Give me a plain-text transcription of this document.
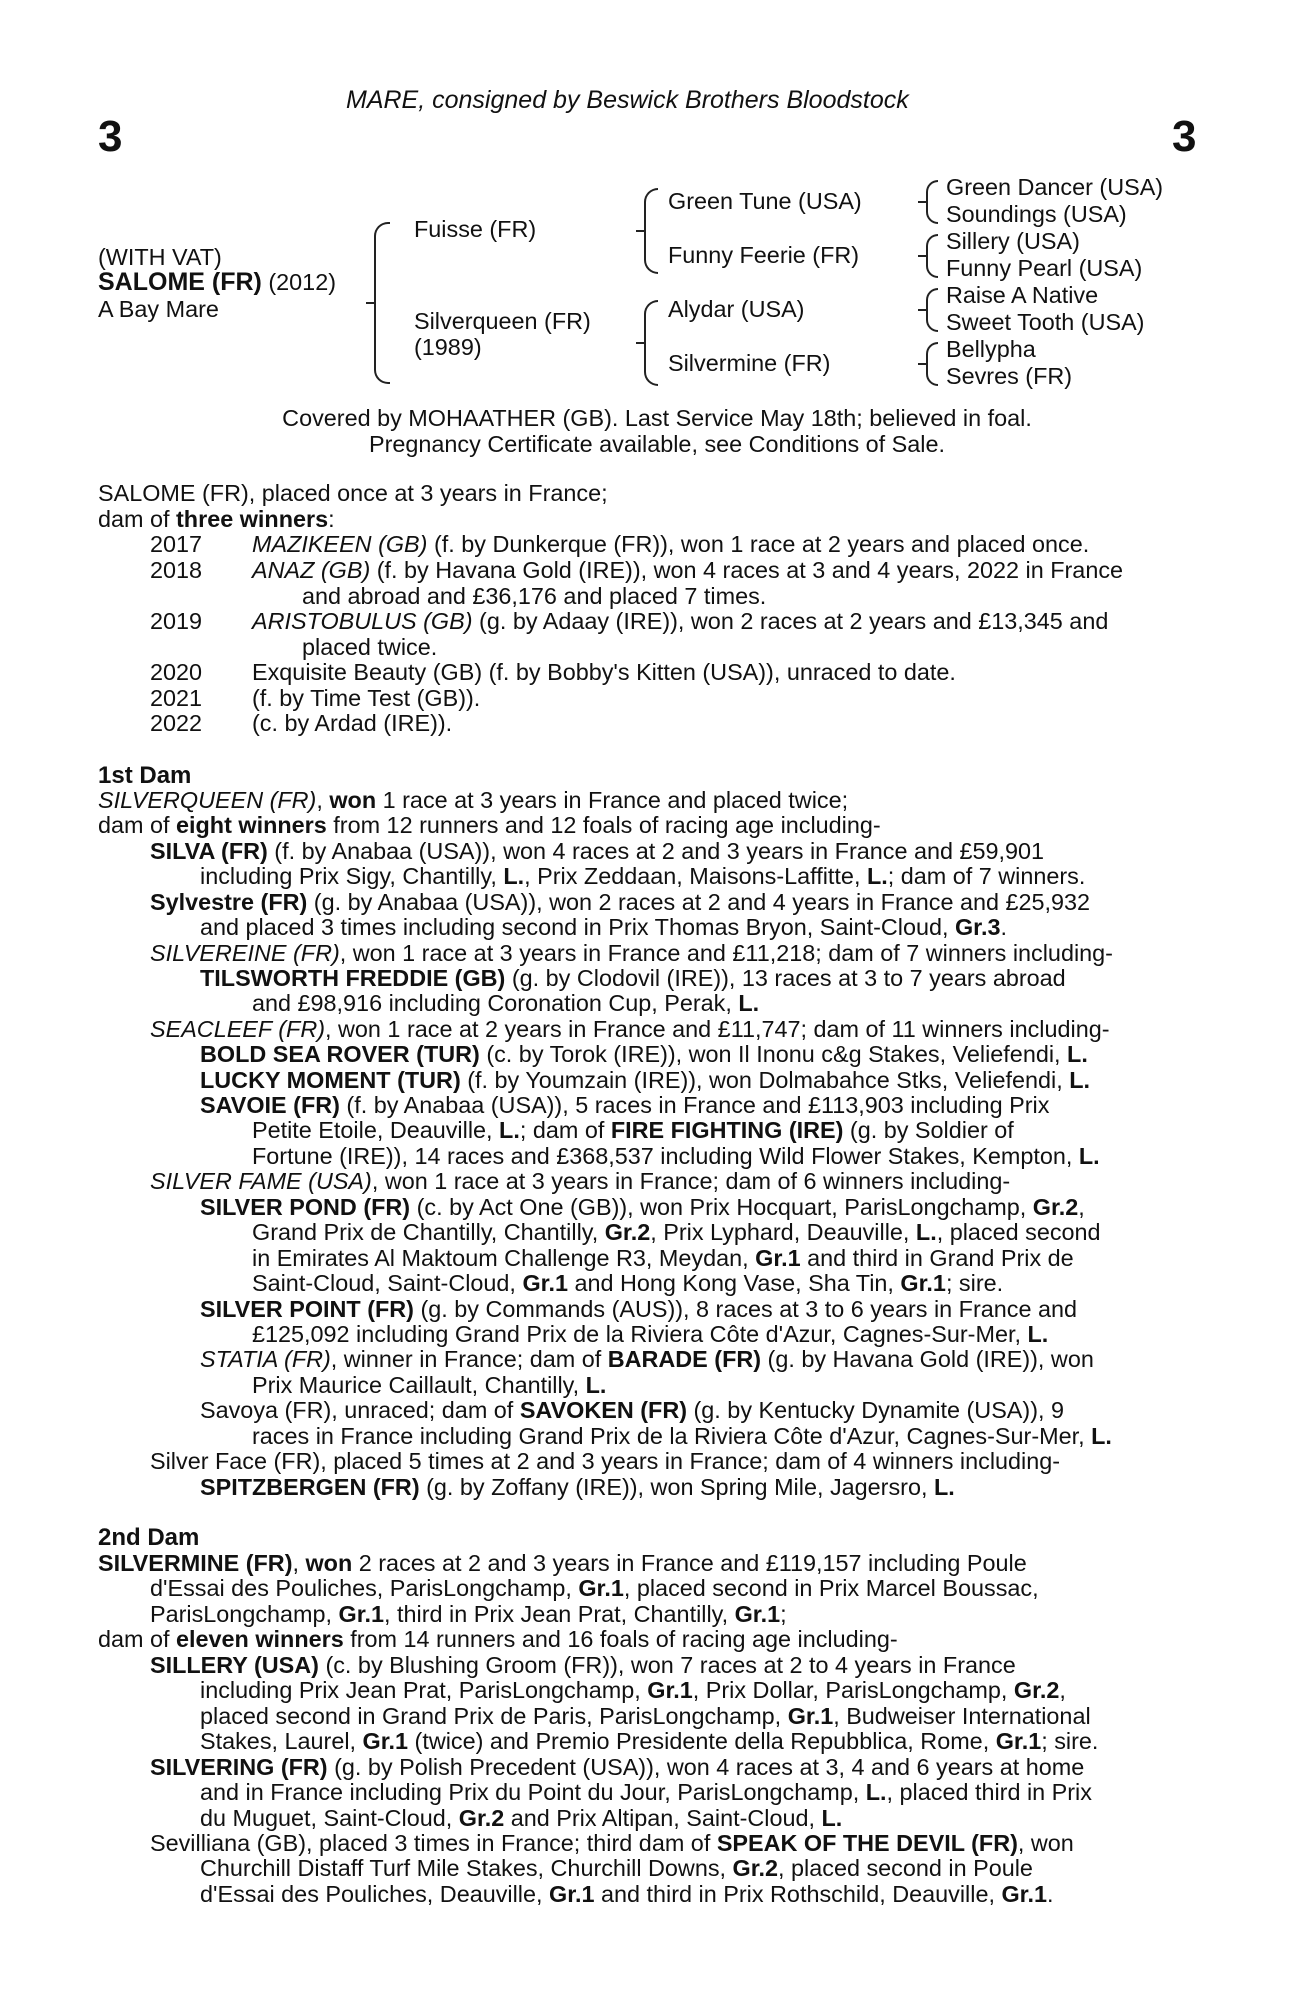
MARE, consigned by Beswick Brothers Bloodstock
3	3
(WITH VAT)
SALOME (FR) (2012)
A Bay Mare
Fuisse (FR)
Silverqueen (FR)
(1989)
Green Tune (USA)
Funny Feerie (FR)
Alydar (USA)
Silvermine (FR)
Green Dancer (USA)
Soundings (USA)
Sillery (USA)
Funny Pearl (USA)
Raise A Native
Sweet Tooth (USA)
Bellypha
Sevres (FR)
Covered by MOHAATHER (GB). Last Service May 18th; believed in foal.
Pregnancy Certificate available, see Conditions of Sale.
SALOME (FR), placed once at 3 years in France;
dam of three winners:
2017 MAZIKEEN (GB) (f. by Dunkerque (FR)), won 1 race at 2 years and placed once.
2018 ANAZ (GB) (f. by Havana Gold (IRE)), won 4 races at 3 and 4 years, 2022 in France
and abroad and £36,176 and placed 7 times.
2019 ARISTOBULUS (GB) (g. by Adaay (IRE)), won 2 races at 2 years and £13,345 and
placed twice.
2020 Exquisite Beauty (GB) (f. by Bobby's Kitten (USA)), unraced to date.
2021 (f. by Time Test (GB)).
2022 (c. by Ardad (IRE)).
1st Dam
SILVERQUEEN (FR), won 1 race at 3 years in France and placed twice;
dam of eight winners from 12 runners and 12 foals of racing age including-
SILVA (FR) (f. by Anabaa (USA)), won 4 races at 2 and 3 years in France and £59,901
including Prix Sigy, Chantilly, L., Prix Zeddaan, Maisons-Laffitte, L.; dam of 7 winners.
Sylvestre (FR) (g. by Anabaa (USA)), won 2 races at 2 and 4 years in France and £25,932
and placed 3 times including second in Prix Thomas Bryon, Saint-Cloud, Gr.3.
SILVEREINE (FR), won 1 race at 3 years in France and £11,218; dam of 7 winners including-
TILSWORTH FREDDIE (GB) (g. by Clodovil (IRE)), 13 races at 3 to 7 years abroad
and £98,916 including Coronation Cup, Perak, L.
SEACLEEF (FR), won 1 race at 2 years in France and £11,747; dam of 11 winners including-
BOLD SEA ROVER (TUR) (c. by Torok (IRE)), won Il Inonu c&g Stakes, Veliefendi, L.
LUCKY MOMENT (TUR) (f. by Youmzain (IRE)), won Dolmabahce Stks, Veliefendi, L.
SAVOIE (FR) (f. by Anabaa (USA)), 5 races in France and £113,903 including Prix
Petite Etoile, Deauville, L.; dam of FIRE FIGHTING (IRE) (g. by Soldier of
Fortune (IRE)), 14 races and £368,537 including Wild Flower Stakes, Kempton, L.
SILVER FAME (USA), won 1 race at 3 years in France; dam of 6 winners including-
SILVER POND (FR) (c. by Act One (GB)), won Prix Hocquart, ParisLongchamp, Gr.2,
Grand Prix de Chantilly, Chantilly, Gr.2, Prix Lyphard, Deauville, L., placed second
in Emirates Al Maktoum Challenge R3, Meydan, Gr.1 and third in Grand Prix de
Saint-Cloud, Saint-Cloud, Gr.1 and Hong Kong Vase, Sha Tin, Gr.1; sire.
SILVER POINT (FR) (g. by Commands (AUS)), 8 races at 3 to 6 years in France and
£125,092 including Grand Prix de la Riviera Côte d'Azur, Cagnes-Sur-Mer, L.
STATIA (FR), winner in France; dam of BARADE (FR) (g. by Havana Gold (IRE)), won
Prix Maurice Caillault, Chantilly, L.
Savoya (FR), unraced; dam of SAVOKEN (FR) (g. by Kentucky Dynamite (USA)), 9
races in France including Grand Prix de la Riviera Côte d'Azur, Cagnes-Sur-Mer, L.
Silver Face (FR), placed 5 times at 2 and 3 years in France; dam of 4 winners including-
SPITZBERGEN (FR) (g. by Zoffany (IRE)), won Spring Mile, Jagersro, L.
2nd Dam
SILVERMINE (FR), won 2 races at 2 and 3 years in France and £119,157 including Poule
d'Essai des Pouliches, ParisLongchamp, Gr.1, placed second in Prix Marcel Boussac,
ParisLongchamp, Gr.1, third in Prix Jean Prat, Chantilly, Gr.1;
dam of eleven winners from 14 runners and 16 foals of racing age including-
SILLERY (USA) (c. by Blushing Groom (FR)), won 7 races at 2 to 4 years in France
including Prix Jean Prat, ParisLongchamp, Gr.1, Prix Dollar, ParisLongchamp, Gr.2,
placed second in Grand Prix de Paris, ParisLongchamp, Gr.1, Budweiser International
Stakes, Laurel, Gr.1 (twice) and Premio Presidente della Repubblica, Rome, Gr.1; sire.
SILVERING (FR) (g. by Polish Precedent (USA)), won 4 races at 3, 4 and 6 years at home
and in France including Prix du Point du Jour, ParisLongchamp, L., placed third in Prix
du Muguet, Saint-Cloud, Gr.2 and Prix Altipan, Saint-Cloud, L.
Sevilliana (GB), placed 3 times in France; third dam of SPEAK OF THE DEVIL (FR), won
Churchill Distaff Turf Mile Stakes, Churchill Downs, Gr.2, placed second in Poule
d'Essai des Pouliches, Deauville, Gr.1 and third in Prix Rothschild, Deauville, Gr.1.
